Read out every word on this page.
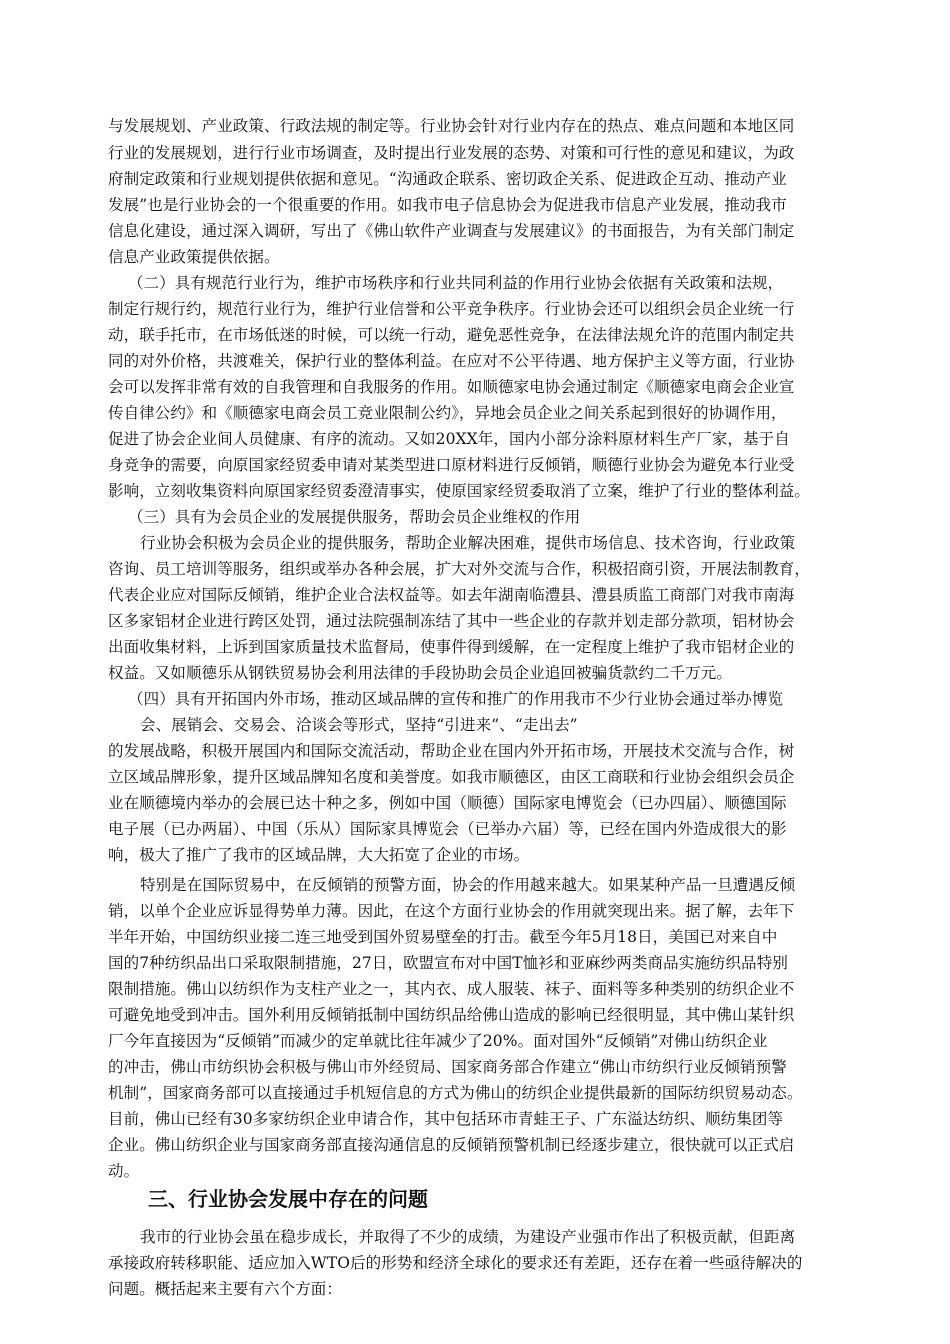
与发展规划、产业政策、行政法规的制定等。行业协会针对行业内存在的热点、难点问题和本地区同

行业的发展规划，进行行业市场调查，及时提出行业发展的态势、对策和可行性的意见和建议，为政

府制定政策和行业规划提供依据和意见。“沟通政企联系、密切政企关系、促进政企互动、推动产业

发展”也是行业协会的一个很重要的作用。如我市电子信息协会为促进我市信息产业发展，推动我市

信息化建设，通过深入调研，写出了《佛山软件产业调查与发展建议》的书面报告，为有关部门制定

信息产业政策提供依据。

（二）具有规范行业行为，维护市场秩序和行业共同利益的作用行业协会依据有关政策和法规，

制定行规行约，规范行业行为，维护行业信誉和公平竞争秩序。行业协会还可以组织会员企业统一行

动，联手托市，在市场低迷的时候，可以统一行动，避免恶性竞争，在法律法规允许的范围内制定共

同的对外价格，共渡难关，保护行业的整体利益。在应对不公平待遇、地方保护主义等方面，行业协

会可以发挥非常有效的自我管理和自我服务的作用。如顺德家电协会通过制定《顺德家电商会企业宣

传自律公约》和《顺德家电商会员工竞业限制公约》，异地会员企业之间关系起到很好的协调作用，

促进了协会企业间人员健康、有序的流动。又如20XX年，国内小部分涂料原材料生产厂家，基于自

身竞争的需要，向原国家经贸委申请对某类型进口原材料进行反倾销，顺德行业协会为避免本行业受

影响，立刻收集资料向原国家经贸委澄清事实，使原国家经贸委取消了立案，维护了行业的整体利益。

（三）具有为会员企业的发展提供服务，帮助会员企业维权的作用

行业协会积极为会员企业的提供服务，帮助企业解决困难，提供市场信息、技术咨询，行业政策

咨询、员工培训等服务，组织或举办各种会展，扩大对外交流与合作，积极招商引资，开展法制教育，

代表企业应对国际反倾销，维护企业合法权益等。如去年湖南临澧县、澧县质监工商部门对我市南海

区多家铝材企业进行跨区处罚，通过法院强制冻结了其中一些企业的存款并划走部分款项，铝材协会

出面收集材料，上诉到国家质量技术监督局，使事件得到缓解，在一定程度上维护了我市铝材企业的

权益。又如顺德乐从钢铁贸易协会利用法律的手段协助会员企业追回被骗货款约二千万元。

（四）具有开拓国内外市场，推动区域品牌的宣传和推广的作用我市不少行业协会通过举办博览

会、展销会、交易会、洽谈会等形式，坚持“引进来”、“走出去”

的发展战略，积极开展国内和国际交流活动，帮助企业在国内外开拓市场，开展技术交流与合作，树

立区域品牌形象，提升区域品牌知名度和美誉度。如我市顺德区，由区工商联和行业协会组织会员企

业在顺德境内举办的会展已达十种之多，例如中国（顺德）国际家电博览会（已办四届）、顺德国际

电子展（已办两届）、中国（乐从）国际家具博览会（已举办六届）等，已经在国内外造成很大的影

响，极大了推广了我市的区域品牌，大大拓宽了企业的市场。

特别是在国际贸易中，在反倾销的预警方面，协会的作用越来越大。如果某种产品一旦遭遇反倾

销，以单个企业应诉显得势单力薄。因此，在这个方面行业协会的作用就突现出来。据了解，去年下

半年开始，中国纺织业接二连三地受到国外贸易壁垒的打击。截至今年5月18日，美国已对来自中

国的7种纺织品出口采取限制措施，27日，欧盟宣布对中国T恤衫和亚麻纱两类商品实施纺织品特别

限制措施。佛山以纺织作为支柱产业之一，其内衣、成人服装、袜子、面料等多种类别的纺织企业不

可避免地受到冲击。国外利用反倾销抵制中国纺织品给佛山造成的影响已经很明显，其中佛山某针织

厂今年直接因为“反倾销”而减少的定单就比往年减少了20%。面对国外“反倾销”对佛山纺织企业

的冲击，佛山市纺织协会积极与佛山市外经贸局、国家商务部合作建立“佛山市纺织行业反倾销预警

机制”，国家商务部可以直接通过手机短信息的方式为佛山的纺织企业提供最新的国际纺织贸易动态。

目前，佛山已经有30多家纺织企业申请合作，其中包括环市青蛙王子、广东溢达纺织、顺纺集团等

企业。佛山纺织企业与国家商务部直接沟通信息的反倾销预警机制已经逐步建立，很快就可以正式启

动。

三、行业协会发展中存在的问题

我市的行业协会虽在稳步成长，并取得了不少的成绩，为建设产业强市作出了积极贡献，但距离

承接政府转移职能、适应加入WTO后的形势和经济全球化的要求还有差距，还存在着一些亟待解决的

问题。概括起来主要有六个方面：
